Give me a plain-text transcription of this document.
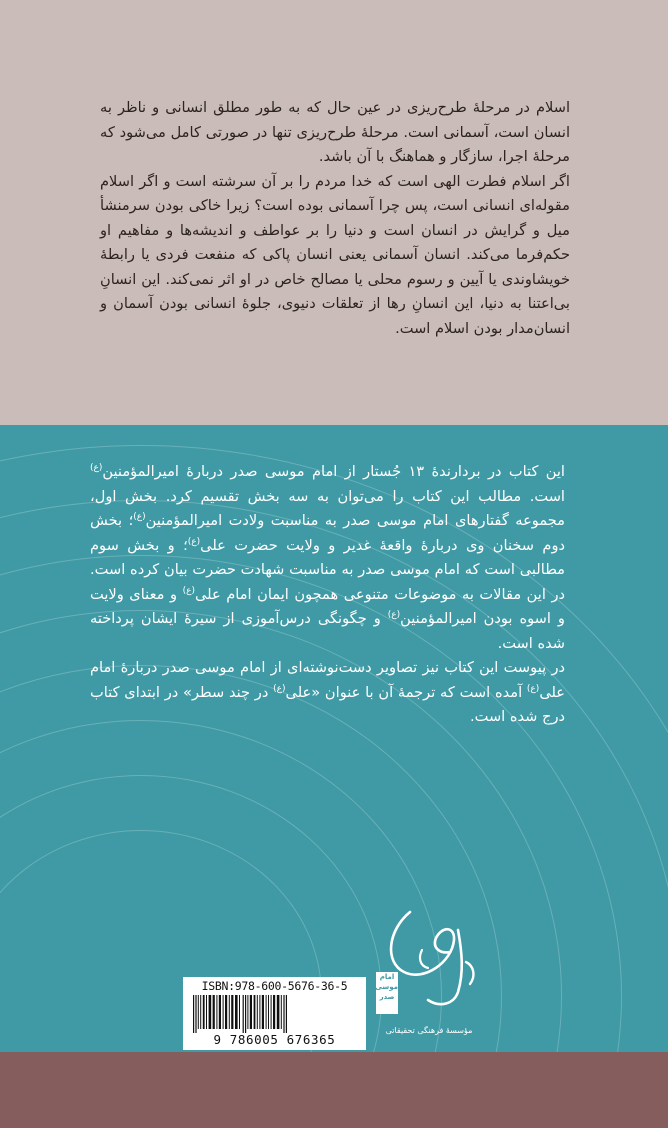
اسلام در مرحلهٔ طرح‌ریزی در عین حال که به طور مطلق انسانی و ناظر به انسان است، آسمانی است. مرحلهٔ طرح‌ریزی تنها در صورتی کامل می‌شود که مرحلهٔ اجرا، سازگار و هماهنگ با آن باشد.

اگر اسلام فطرت الهی است که خدا مردم را بر آن سرشته است و اگر اسلام مقوله‌ای انسانی است، پس چرا آسمانی بوده است؟ زیرا خاکی بودن سرمنشأ میل و گرایش در انسان است و دنیا را بر عواطف و اندیشه‌ها و مفاهیم او حکم‌فرما می‌کند. انسان آسمانی یعنی انسان پاکی که منفعت فردی یا رابطهٔ خویشاوندی یا آیین و رسوم محلی یا مصالح خاص در او اثر نمی‌کند. این انسانِ بی‌اعتنا به دنیا، این انسانِ رها از تعلقات دنیوی، جلوهٔ انسانی بودن آسمان و انسان‌مدار بودن اسلام است.

این کتاب در بردارندهٔ ۱۳ جُستار از امام موسی صدر دربارهٔ امیرالمؤمنین$^{(ع)}$ است. مطالب این کتاب را می‌توان به سه بخش تقسیم کرد. بخش اول، مجموعه گفتارهای امام موسی صدر به مناسبت ولادت امیرالمؤمنین$^{(ع)}$؛ بخش دوم سخنان وی دربارهٔ واقعهٔ غدیر و ولایت حضرت علی$^{(ع)}$؛ و بخش سوم مطالبی است که امام موسی صدر به مناسبت شهادت حضرت بیان کرده است. در این مقالات به موضوعات متنوعی همچون ایمان امام علی$^{(ع)}$ و معنای ولایت و اسوه بودن امیرالمؤمنین$^{(ع)}$ و چگونگی درس‌آموزی از سیرهٔ ایشان پرداخته شده است.

در پیوست این کتاب نیز تصاویر دست‌نوشته‌ای از امام موسی صدر دربارهٔ امام علی$^{(ع)}$ آمده است که ترجمهٔ آن با عنوان «علی$^{(ع)}$ در چند سطر» در ابتدای کتاب درج شده است.

ISBN:978-600-5676-36-5
9 786005 676365
امام
موسی
صدر
مؤسسهٔ فرهنگی تحقیقاتی
